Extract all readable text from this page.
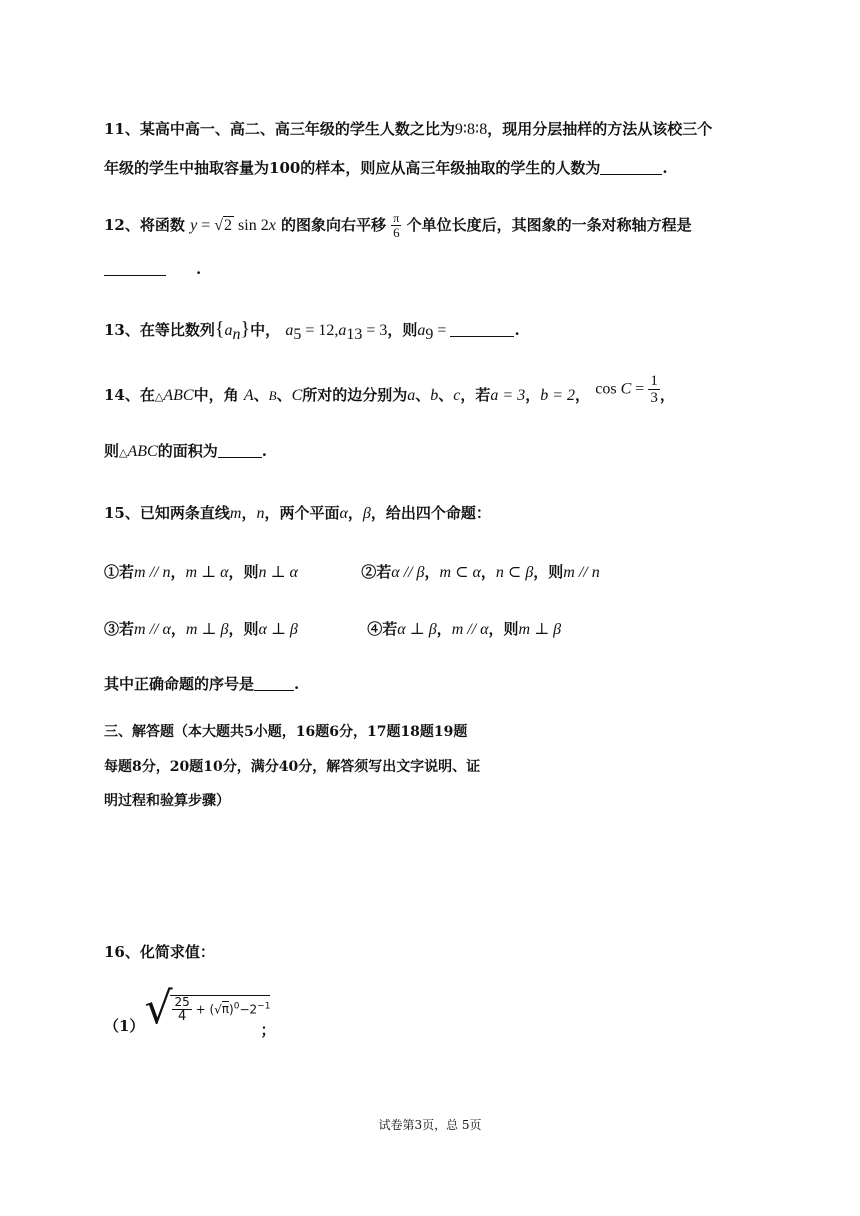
11、某高中高一、高二、高三年级的学生人数之比为9∶8∶8，现用分层抽样的方法从该校三个
年级的学生中抽取容量为100的样本，则应从高三年级抽取的学生的人数为	.
12、将函数 y = √2 sin 2x 的图象向右平移 $\frac{\pi}{6}$ 个单位长度后，其图象的一条对称轴方程是
.
13、在等比数列$\{a_n\}$中， $a_5 = 12,a_{13} = 3$，则$a_9$ =	.
14、在△ABC中，角 A、B、C所对的边分别为a、b、c，若a = 3，b = 2， $\cos C = \frac{1}{3}$ ，
则△ABC的面积为	.
15、已知两条直线m，n，两个平面α，β，给出四个命题：
①若m // n，m ⊥ α，则n ⊥ α	②若α // β，m ⊂ α，n ⊂ β，则m // n
③若m // α，m ⊥ β，则α ⊥ β	④若α ⊥ β，m // α，则m ⊥ β
其中正确命题的序号是	.
三、解答题（本大题共5小题，16题6分，17题18题19题
每题8分，20题10分，满分40分，解答须写出文字说明、证
明过程和验算步骤）
16、化简求值：
$(1)√ \frac{25}{4} + (√\pi)^0-2^{-1}$；
试卷第3页，总 5页
